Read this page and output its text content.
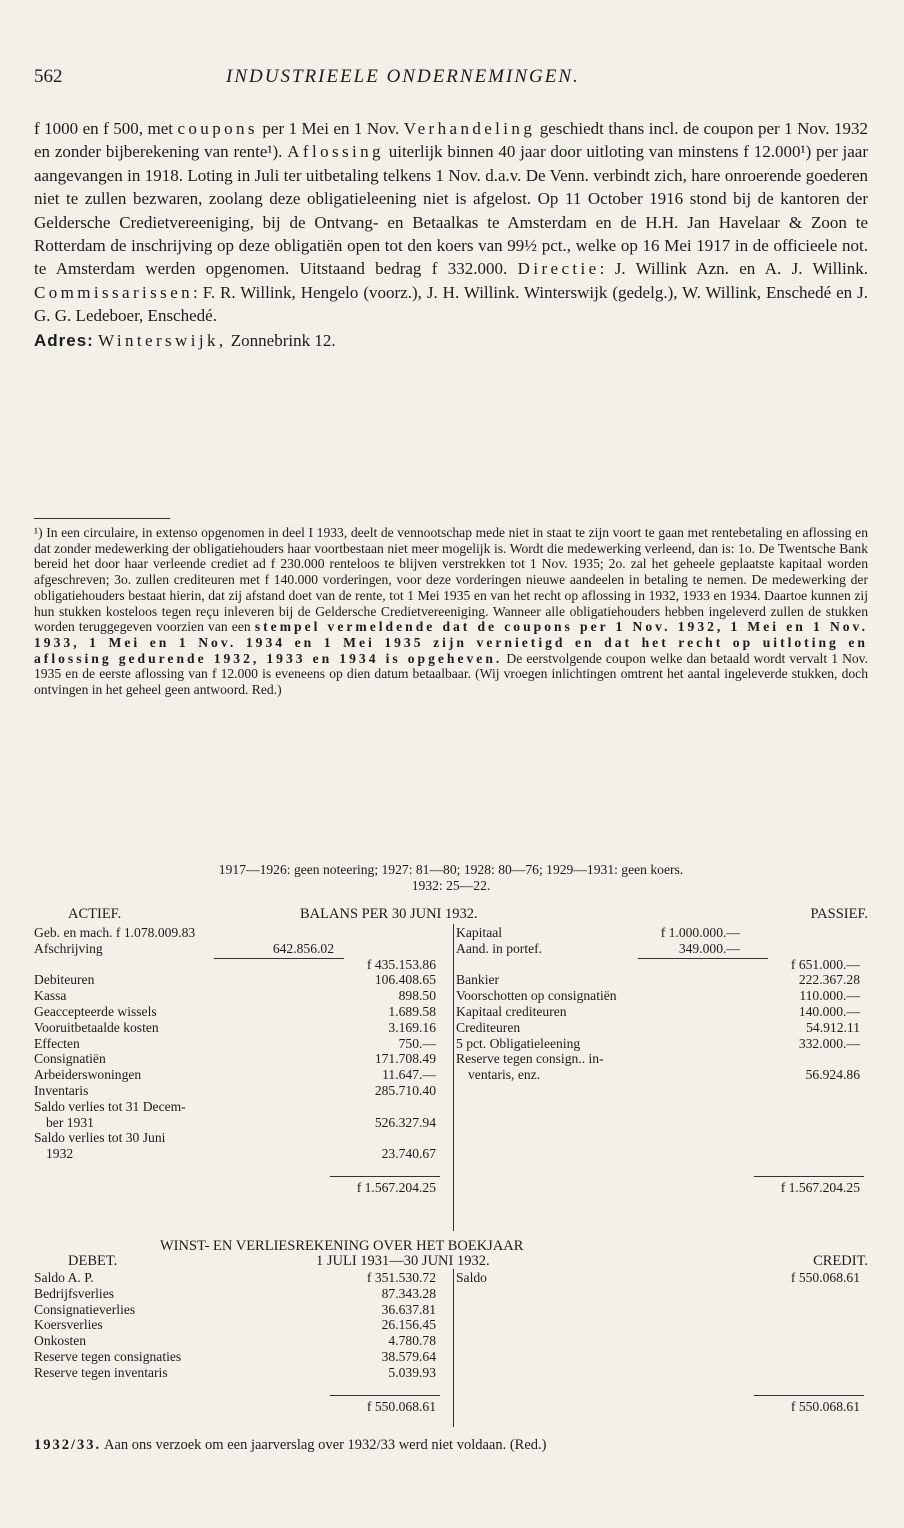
562	INDUSTRIEELE ONDERNEMINGEN.

f 1000 en f 500, met coupons per 1 Mei en 1 Nov. Verhandeling geschiedt thans incl. de coupon per 1 Nov. 1932 en zonder bijberekening van rente¹). Aflossing uiterlijk binnen 40 jaar door uitloting van minstens f 12.000¹) per jaar aangevangen in 1918. Loting in Juli ter uitbetaling telkens 1 Nov. d.a.v. De Venn. verbindt zich, hare onroerende goederen niet te zullen bezwaren, zoolang deze obligatieleening niet is afgelost. Op 11 October 1916 stond bij de kantoren der Geldersche Credietvereeniging, bij de Ontvang- en Betaalkas te Amsterdam en de H.H. Jan Havelaar & Zoon te Rotterdam de inschrijving op deze obligatiën open tot den koers van 99½ pct., welke op 16 Mei 1917 in de officieele not. te Amsterdam werden opgenomen. Uitstaand bedrag f 332.000. Directie: J. Willink Azn. en A. J. Willink. Commissarissen: F. R. Willink, Hengelo (voorz.), J. H. Willink. Winterswijk (gedelg.), W. Willink, Enschedé en J. G. G. Ledeboer, Enschedé.

Adres: Winterswijk, Zonnebrink 12.

¹) In een circulaire, in extenso opgenomen in deel I 1933, deelt de vennootschap mede niet in staat te zijn voort te gaan met rentebetaling en aflossing en dat zonder medewerking der obligatiehouders haar voortbestaan niet meer mogelijk is. Wordt die medewerking verleend, dan is: 1o. De Twentsche Bank bereid het door haar verleende crediet ad f 230.000 renteloos te blijven verstrekken tot 1 Nov. 1935; 2o. zal het geheele geplaatste kapitaal worden afgeschreven; 3o. zullen crediteuren met f 140.000 vorderingen, voor deze vorderingen nieuwe aandeelen in betaling te nemen. De medewerking der obligatiehouders bestaat hierin, dat zij afstand doet van de rente, tot 1 Mei 1935 en van het recht op aflossing in 1932, 1933 en 1934. Daartoe kunnen zij hun stukken kosteloos tegen reçu inleveren bij de Geldersche Credietvereeniging. Wanneer alle obligatiehouders hebben ingeleverd zullen de stukken worden teruggegeven voorzien van een stempel vermeldende dat de coupons per 1 Nov. 1932, 1 Mei en 1 Nov. 1933, 1 Mei en 1 Nov. 1934 en 1 Mei 1935 zijn vernietigd en dat het recht op uitloting en aflossing gedurende 1932, 1933 en 1934 is opgeheven. De eerstvolgende coupon welke dan betaald wordt vervalt 1 Nov. 1935 en de eerste aflossing van f 12.000 is eveneens op dien datum betaalbaar. (Wij vroegen inlichtingen omtrent het aantal ingeleverde stukken, doch ontvingen in het geheel geen antwoord. Red.)

1917—1926: geen noteering; 1927: 81—80; 1928: 80—76; 1929—1931: geen koers.
1932: 25—22.
ACTIEF.	BALANS PER 30 JUNI 1932.	PASSIEF.
Geb. en mach. f 1.078.009.83
Afschrijving	642.856.02
f 435.153.86
Debiteuren	106.408.65
Kassa	898.50
Geaccepteerde wissels	1.689.58
Vooruitbetaalde kosten	3.169.16
Effecten	750.—
Consignatiën	171.708.49
Arbeiderswoningen	11.647.—
Inventaris	285.710.40
Saldo verlies tot 31 Decem-
ber 1931	526.327.94
Saldo verlies tot 30 Juni
1932	23.740.67
f 1.567.204.25
Kapitaal	f 1.000.000.—
Aand. in portef.	349.000.—
f 651.000.—
Bankier	222.367.28
Voorschotten op consignatiën	110.000.—
Kapitaal crediteuren	140.000.—
Crediteuren	54.912.11
5 pct. Obligatieleening	332.000.—
Reserve tegen consign.. in-
ventaris, enz.	56.924.86
f 1.567.204.25
WINST- EN VERLIESREKENING OVER HET BOEKJAAR
DEBET.	1 JULI 1931—30 JUNI 1932.	CREDIT.
Saldo A. P.	f 351.530.72
Bedrijfsverlies	87.343.28
Consignatieverlies	36.637.81
Koersverlies	26.156.45
Onkosten	4.780.78
Reserve tegen consignaties	38.579.64
Reserve tegen inventaris	5.039.93
f 550.068.61
Saldo	f 550.068.61
f 550.068.61
1932/33. Aan ons verzoek om een jaarverslag over 1932/33 werd niet voldaan. (Red.)
